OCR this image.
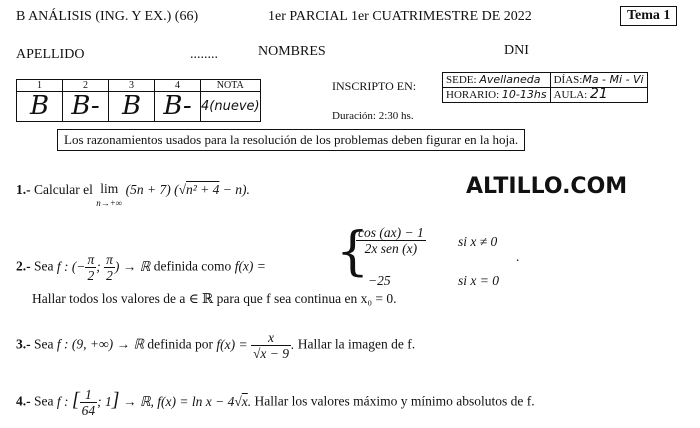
B ANÁLISIS (ING. Y EX.) (66)	1er PARCIAL 1er CUATRIMESTRE DE 2022	Tema 1
APELLIDO	........	NOMBRES	DNI
1	2	3	4	NOTA
B	B-	B	B-	4(nueve)
INSCRIPTO EN:	SEDE: Avellaneda	DÍAS:Ma - Mi - Vi
HORARIO: 10-13hs	AULA: 21
Duración: 2:30 hs.
Los razonamientos usados para la resolución de los problemas deben figurar en la hoja.
ALTILLO.COM
1.- Calcular el lim
n→+∞ (5n + 7) (√n² + 4 − n).
2.- Sea f : (− $\frac{\pi}{2}$ ; $\frac{\pi}{2}$ ) → ℝ definida como f(x) = {
$\frac{\cos (ax) - 1}{\text{2x sen (x)}}$ si x ≠ 0
−25	si x = 0
.
Hallar todos los valores de a ∈ ℝ para que f sea continua en x₀ = 0.
3.- Sea f : (9, +∞) → ℝ definida por $f(x) = \frac{x}{√x - 9}$ . Hallar la imagen de f.
4.- Sea f : [ $\frac{1}{64}$ ; 1] → ℝ, f(x) = ln x − 4√x. Hallar los valores máximo y mínimo absolutos de f.
